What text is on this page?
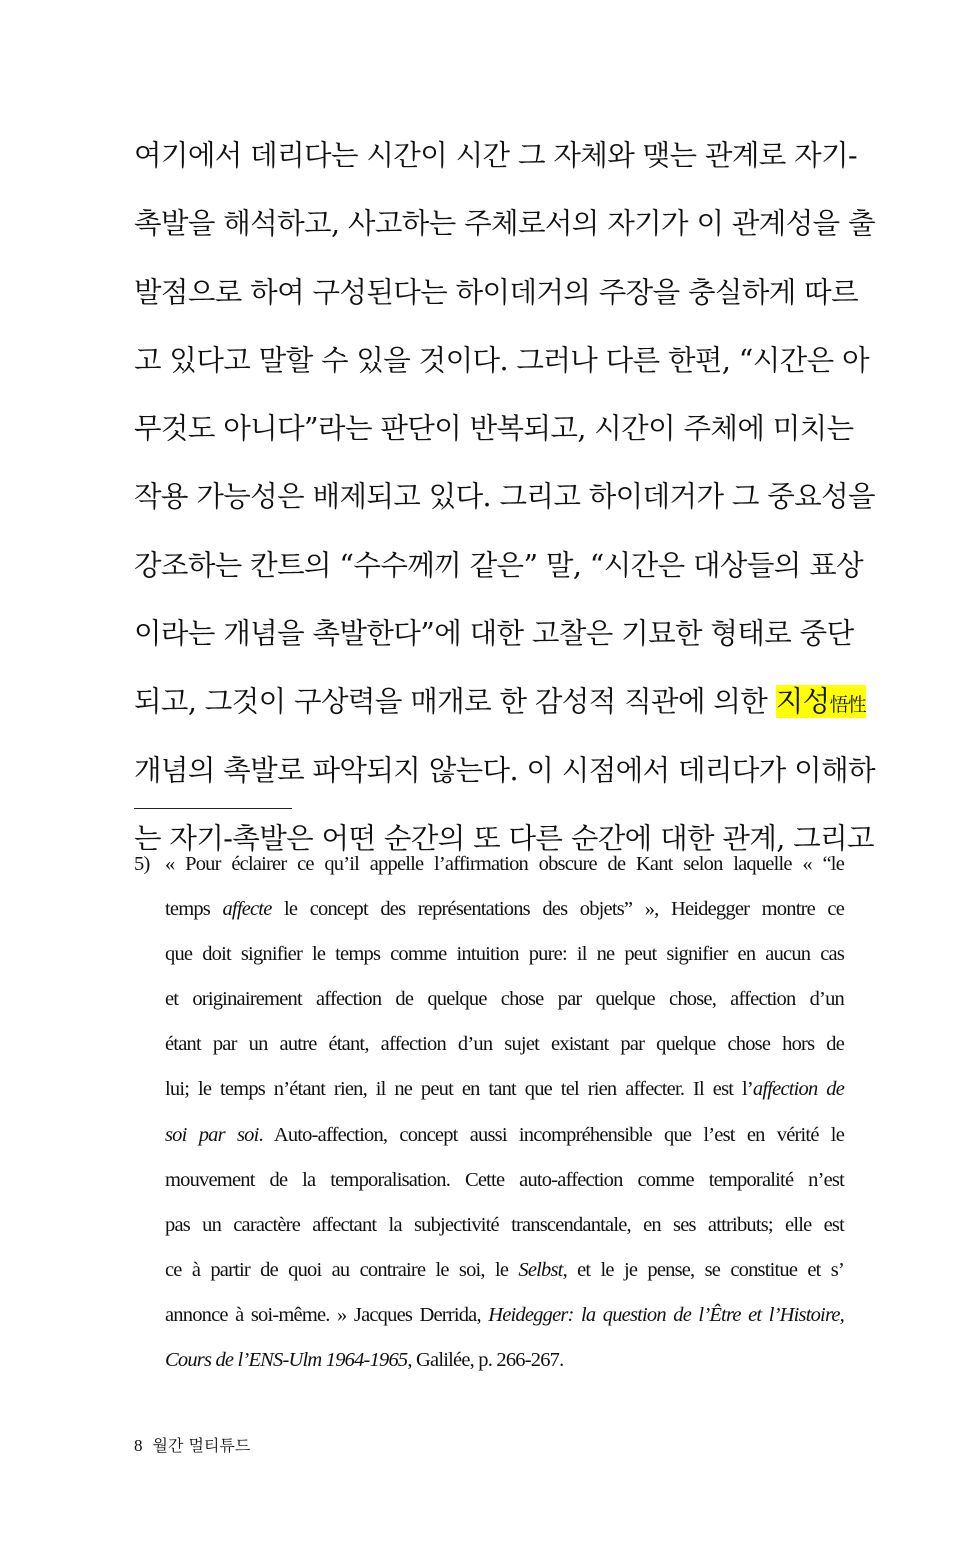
여기에서 데리다는 시간이 시간 그 자체와 맺는 관계로 자기-
촉발을 해석하고, 사고하는 주체로서의 자기가 이 관계성을 출
발점으로 하여 구성된다는 하이데거의 주장을 충실하게 따르
고 있다고 말할 수 있을 것이다. 그러나 다른 한편, “시간은 아
무것도 아니다”라는 판단이 반복되고, 시간이 주체에 미치는
작용 가능성은 배제되고 있다. 그리고 하이데거가 그 중요성을
강조하는 칸트의 “수수께끼 같은” 말, “시간은 대상들의 표상
이라는 개념을 촉발한다”에 대한 고찰은 기묘한 형태로 중단
되고, 그것이 구상력을 매개로 한 감성적 직관에 의한 지성悟性
개념의 촉발로 파악되지 않는다. 이 시점에서 데리다가 이해하
는 자기-촉발은 어떤 순간의 또 다른 순간에 대한 관계, 그리고
5) « Pour éclairer ce qu’il appelle l’affirmation obscure de Kant selon laquelle « “le
temps affecte le concept des représentations des objets” », Heidegger montre ce
que doit signifier le temps comme intuition pure: il ne peut signifier en aucun cas
et originairement affection de quelque chose par quelque chose, affection d’un
étant par un autre étant, affection d’un sujet existant par quelque chose hors de
lui; le temps n’étant rien, il ne peut en tant que tel rien affecter. Il est l’affection de
soi par soi. Auto-affection, concept aussi incompréhensible que l’est en vérité le
mouvement de la temporalisation. Cette auto-affection comme temporalité n’est
pas un caractère affectant la subjectivité transcendantale, en ses attributs; elle est
ce à partir de quoi au contraire le soi, le Selbst, et le je pense, se constitue et s’
annonce à soi-même. » Jacques Derrida, Heidegger: la question de l’Être et l’Histoire,
Cours de l’ENS-Ulm 1964-1965, Galilée, p. 266-267.
8 월간 멀티튜드
